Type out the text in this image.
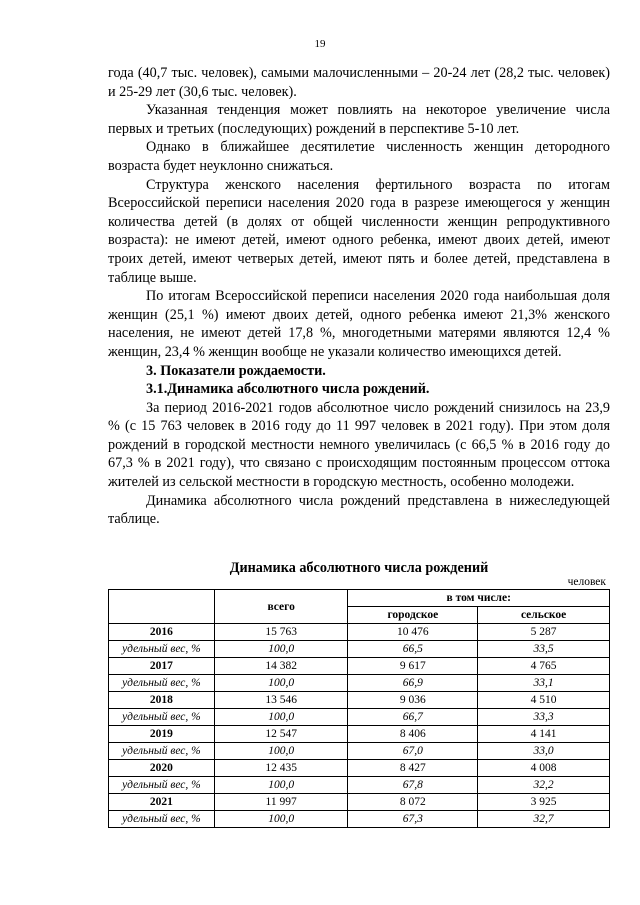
19

года (40,7 тыс. человек), самыми малочисленными – 20-24 лет (28,2 тыс. человек) и 25-29 лет (30,6 тыс. человек).

Указанная тенденция может повлиять на некоторое увеличение числа первых и третьих (последующих) рождений в перспективе 5-10 лет.

Однако в ближайшее десятилетие численность женщин детородного возраста будет неуклонно снижаться.

Структура женского населения фертильного возраста по итогам Всероссийской переписи населения 2020 года в разрезе имеющегося у женщин количества детей (в долях от общей численности женщин репродуктивного возраста): не имеют детей, имеют одного ребенка, имеют двоих детей, имеют троих детей, имеют четверых детей, имеют пять и более детей, представлена в таблице выше.

По итогам Всероссийской переписи населения 2020 года наибольшая доля женщин (25,1 %) имеют двоих детей, одного ребенка имеют 21,3% женского населения, не имеют детей 17,8 %, многодетными матерями являются 12,4 % женщин, 23,4 % женщин вообще не указали количество имеющихся детей.

3. Показатели рождаемости.

3.1.Динамика абсолютного числа рождений.

За период 2016-2021 годов абсолютное число рождений снизилось на 23,9 % (с 15 763 человек в 2016 году до 11 997 человек в 2021 году). При этом доля рождений в городской местности немного увеличилась (с 66,5 % в 2016 году до 67,3 % в 2021 году), что связано с происходящим постоянным процессом оттока жителей из сельской местности в городскую местность, особенно молодежи.

Динамика абсолютного числа рождений представлена в нижеследующей таблице.

Динамика абсолютного числа рождений
человек
	всего	в том числе:	
		городское	сельское
2016	15 763	10 476	5 287
удельный вес, %	100,0	66,5	33,5
2017	14 382	9 617	4 765
удельный вес, %	100,0	66,9	33,1
2018	13 546	9 036	4 510
удельный вес, %	100,0	66,7	33,3
2019	12 547	8 406	4 141
удельный вес, %	100,0	67,0	33,0
2020	12 435	8 427	4 008
удельный вес, %	100,0	67,8	32,2
2021	11 997	8 072	3 925
удельный вес, %	100,0	67,3	32,7
